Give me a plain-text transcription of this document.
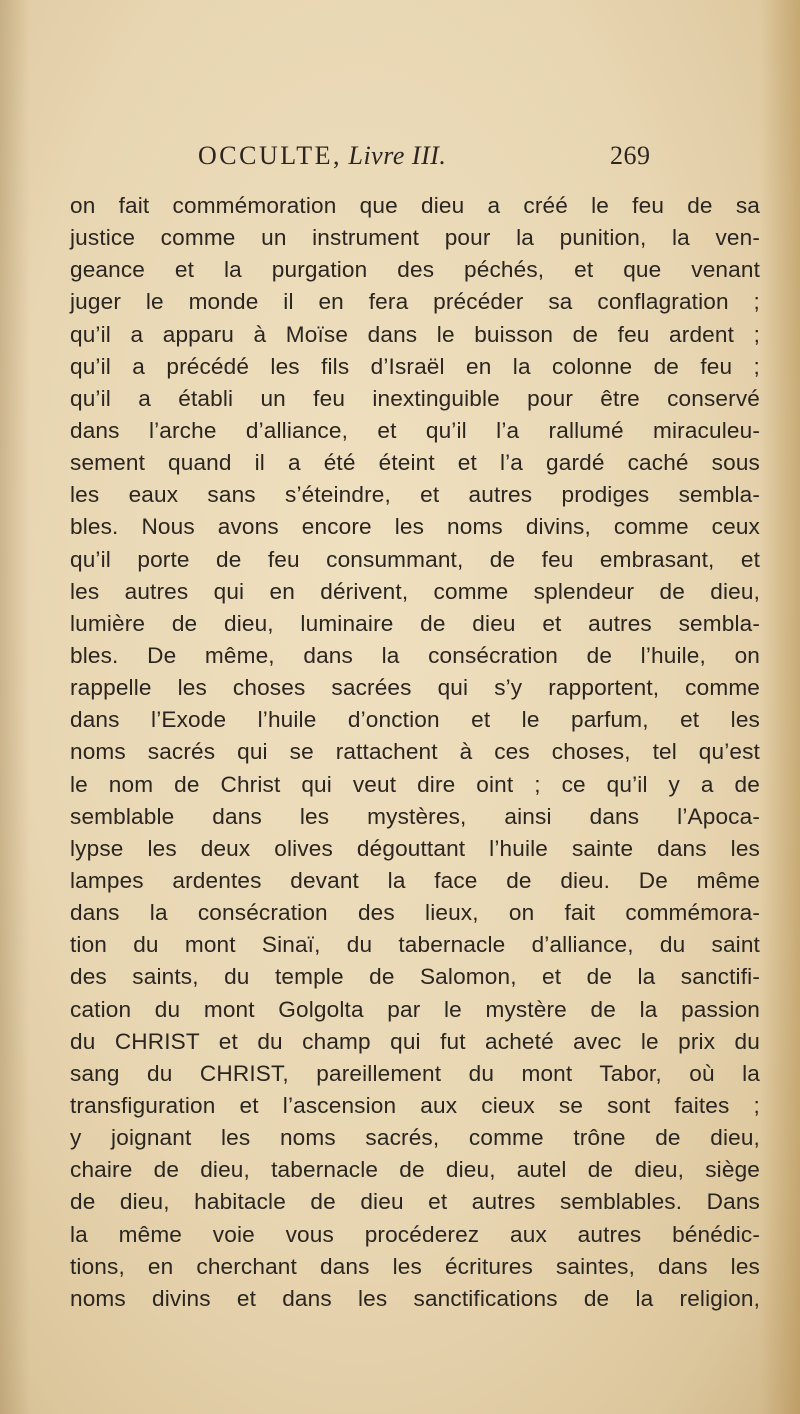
OCCULTE, Livre III.	269
on fait commémoration que dieu a créé le feu de sa
justice comme un instrument pour la punition, la ven-
geance et la purgation des péchés, et que venant
juger le monde il en fera précéder sa conflagration ;
qu’il a apparu à Moïse dans le buisson de feu ardent ;
qu’il a précédé les fils d’Israël en la colonne de feu ;
qu’il a établi un feu inextinguible pour être conservé
dans l’arche d’alliance, et qu’il l’a rallumé miraculeu-
sement quand il a été éteint et l’a gardé caché sous
les eaux sans s’éteindre, et autres prodiges sembla-
bles. Nous avons encore les noms divins, comme ceux
qu’il porte de feu consummant, de feu embrasant, et
les autres qui en dérivent, comme splendeur de dieu,
lumière de dieu, luminaire de dieu et autres sembla-
bles. De même, dans la consécration de l’huile, on
rappelle les choses sacrées qui s’y rapportent, comme
dans l’Exode l’huile d’onction et le parfum, et les
noms sacrés qui se rattachent à ces choses, tel qu’est
le nom de Christ qui veut dire oint ; ce qu’il y a de
semblable dans les mystères, ainsi dans l’Apoca-
lypse les deux olives dégouttant l’huile sainte dans les
lampes ardentes devant la face de dieu. De même
dans la consécration des lieux, on fait commémora-
tion du mont Sinaï, du tabernacle d’alliance, du saint
des saints, du temple de Salomon, et de la sanctifi-
cation du mont Golgolta par le mystère de la passion
du CHRIST et du champ qui fut acheté avec le prix du
sang du CHRIST, pareillement du mont Tabor, où la
transfiguration et l’ascension aux cieux se sont faites ;
y joignant les noms sacrés, comme trône de dieu,
chaire de dieu, tabernacle de dieu, autel de dieu, siège
de dieu, habitacle de dieu et autres semblables. Dans
la même voie vous procéderez aux autres bénédic-
tions, en cherchant dans les écritures saintes, dans les
noms divins et dans les sanctifications de la religion,
